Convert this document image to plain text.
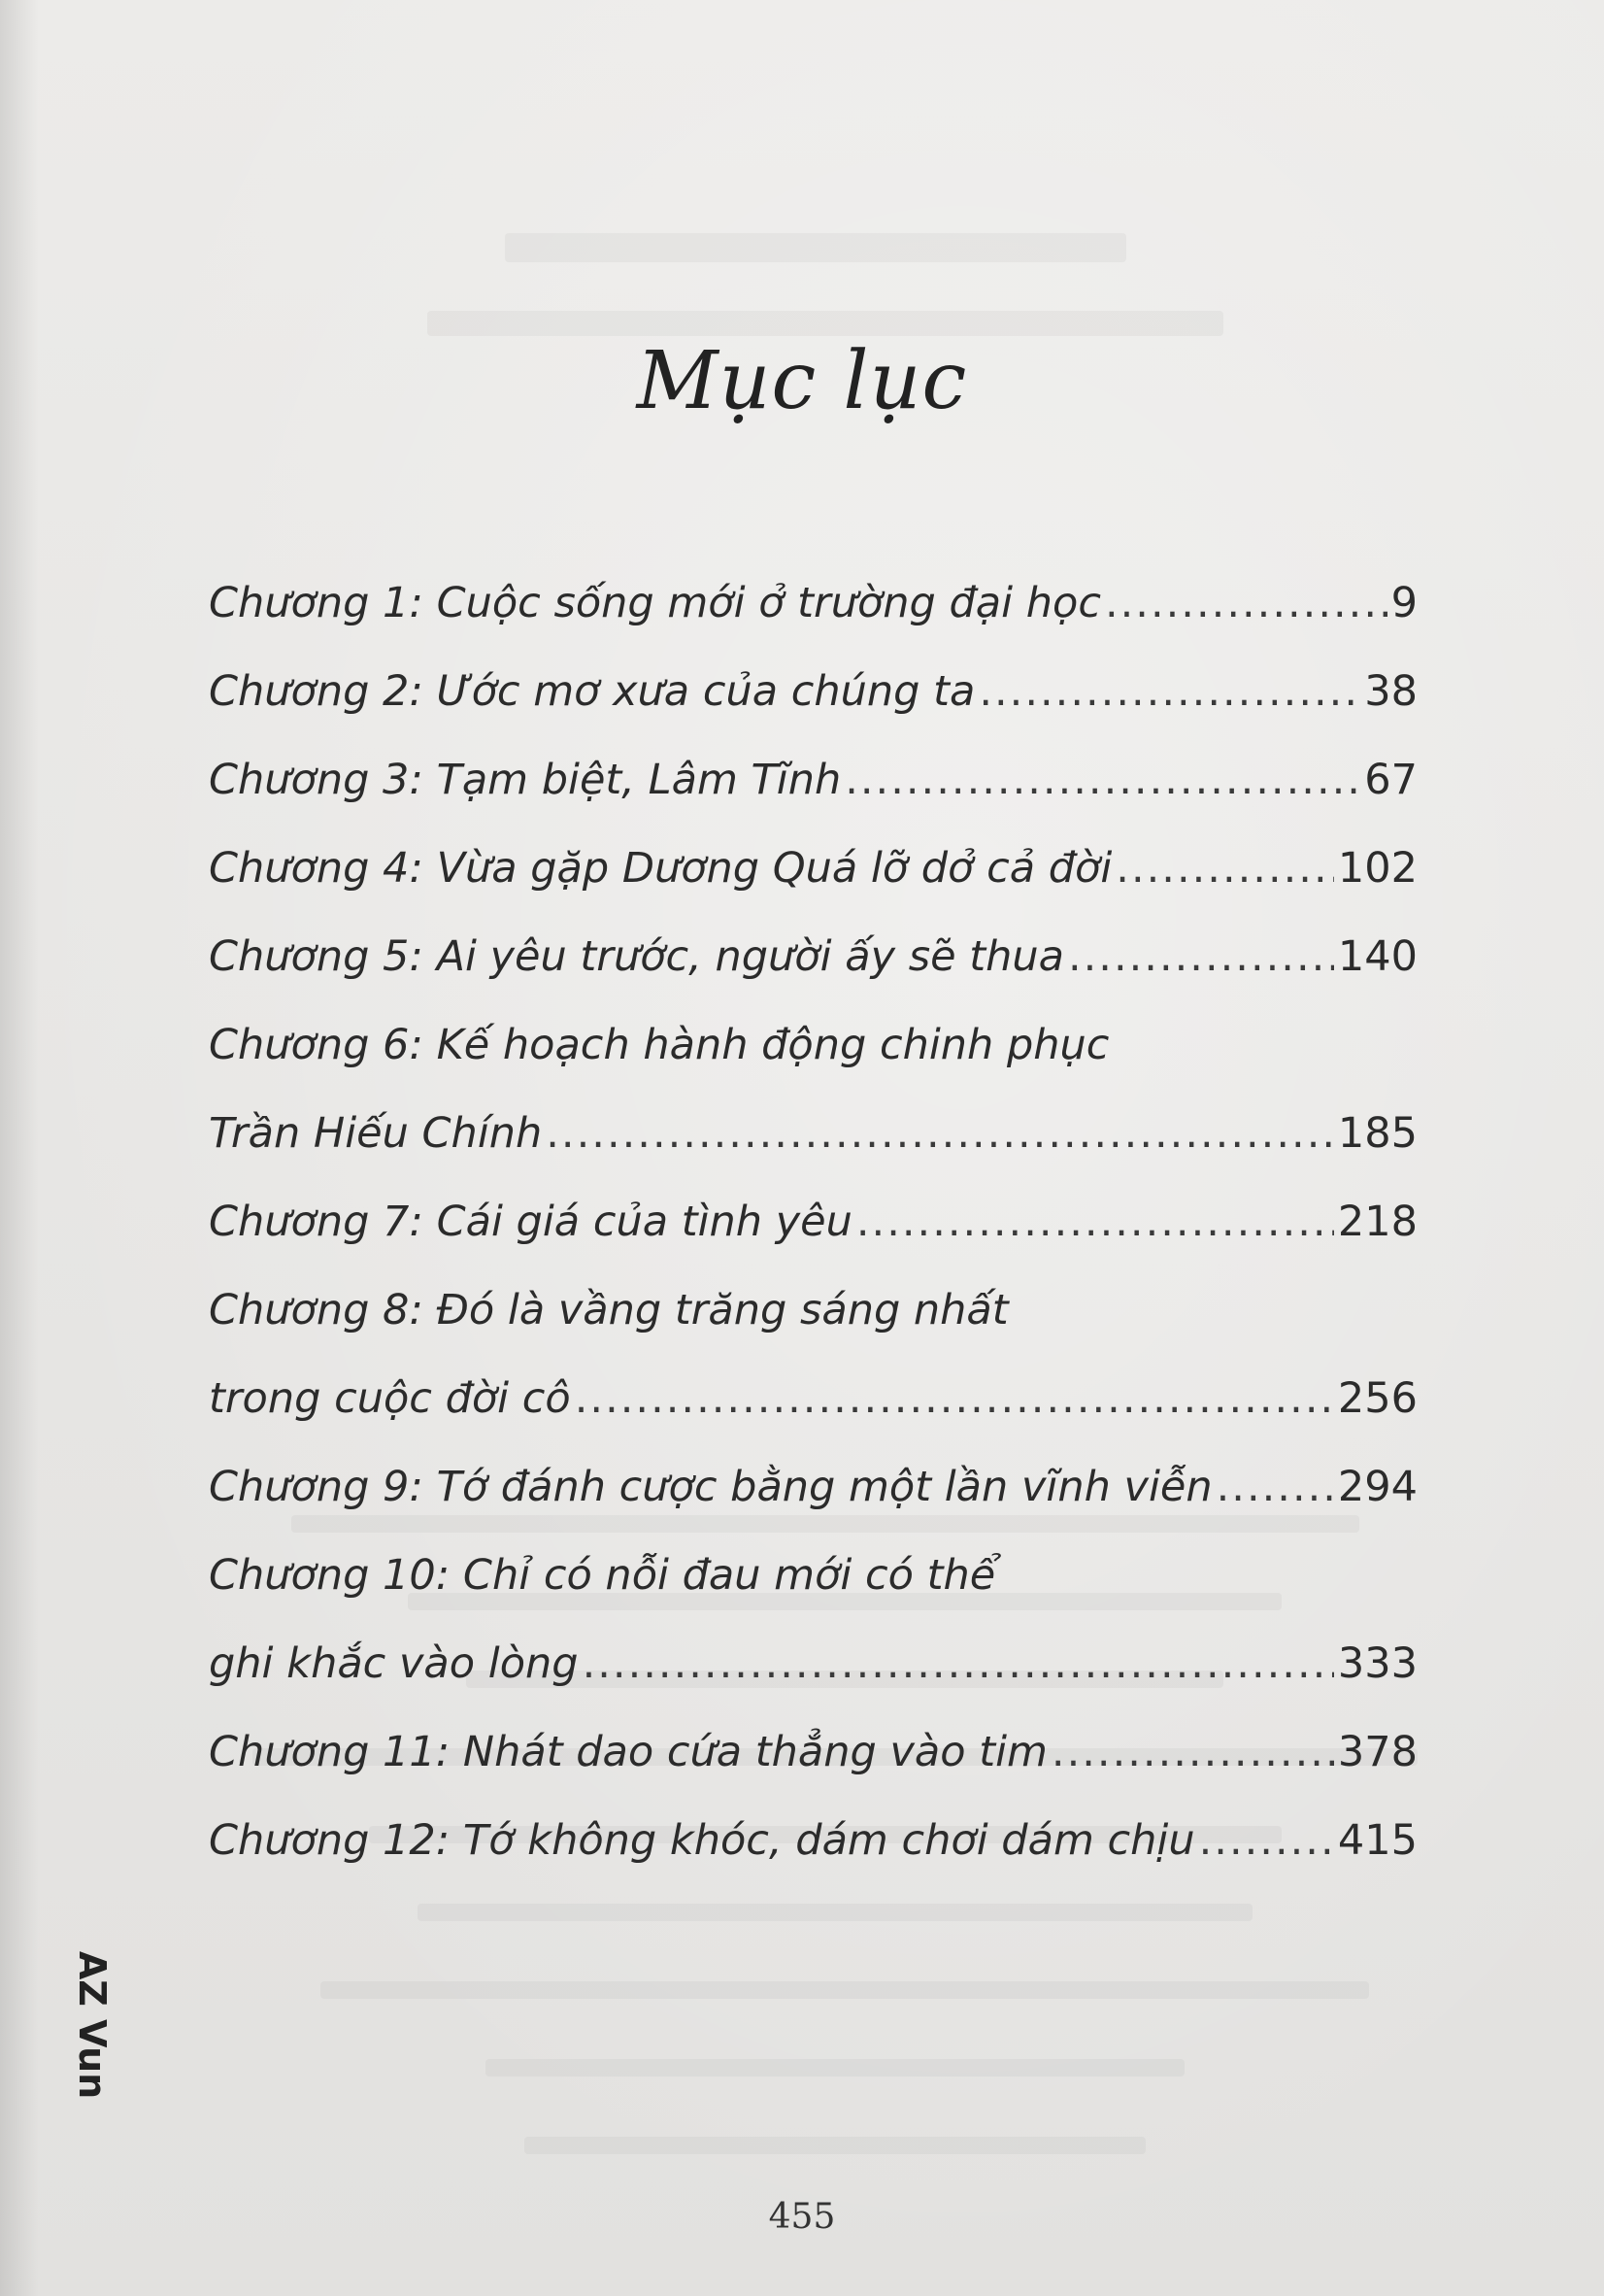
Mục lục
Chương 1: Cuộc sống mới ở trường đại học .....	9
Chương 2: Ước mơ xưa của chúng ta .....	38
Chương 3: Tạm biệt, Lâm Tĩnh .....	67
Chương 4: Vừa gặp Dương Quá lỡ dở cả đời .....	102
Chương 5: Ai yêu trước, người ấy sẽ thua .....	140
Chương 6: Kế hoạch hành động chinh phục
Trần Hiếu Chính .....	185
Chương 7: Cái giá của tình yêu .....	218
Chương 8: Đó là vầng trăng sáng nhất
trong cuộc đời cô .....	256
Chương 9: Tớ đánh cược bằng một lần vĩnh viễn .....	294
Chương 10: Chỉ có nỗi đau mới có thể
ghi khắc vào lòng .....	333
Chương 11: Nhát dao cứa thẳng vào tim .....	378
Chương 12: Tớ không khóc, dám chơi dám chịu .....	415
AZ Vun
455
